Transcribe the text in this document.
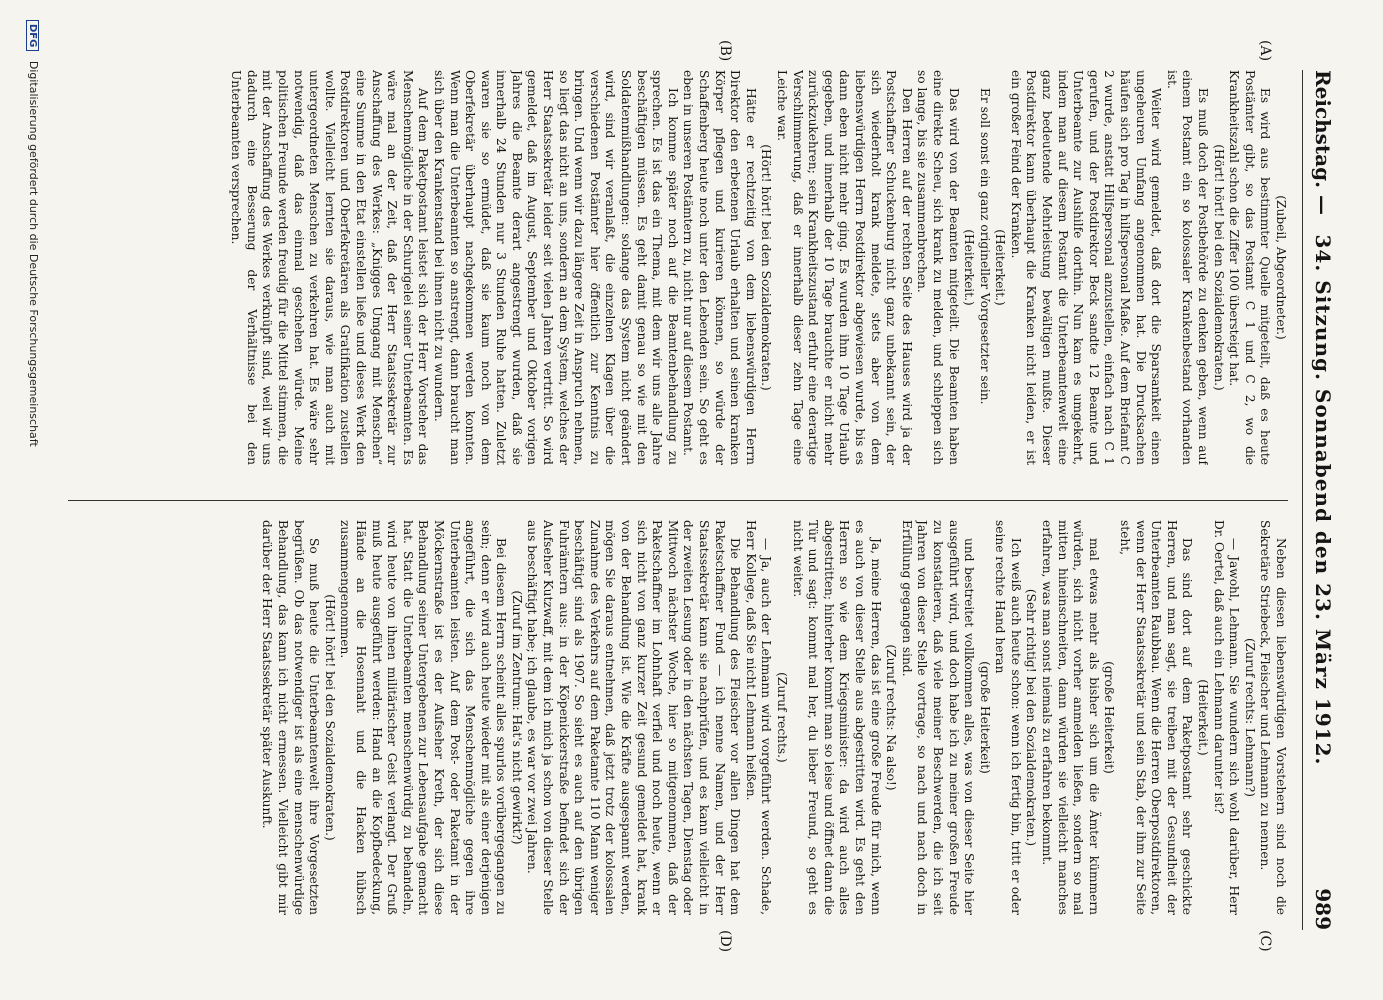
Reichstag. —
34. Sitzung. Sonnabend den 23. März 1912.
989
(A)
(B)
(C)
(D)

(Zubeil, Abgeordneter.)

Es wird aus bestimmter Quelle mitgeteilt, daß es heute Postämter gibt, so das Postamt C 1 und C 2, wo die Krankheitszahl schon die Ziffer 100 übersteigt hat.

(Hört! hört! bei den Sozialdemokraten.)

Es muß doch der Postbehörde zu denken geben, wenn auf einem Postamt ein so kolossaler Krankenbestand vorhanden ist.

Weiter wird gemeldet, daß dort die Sparsamkeit einen ungeheuren Umfang angenommen hat. Die Drucksachen häufen sich pro Tag in hilfspersonal Maße. Auf dem Briefamt C 2 wurde, anstatt Hilfspersonal anzustellen, einfach nach C 1 gerufen, und der Postdirektor Beck sandte 12 Beamte und Unterbeamte zur Aushilfe dorthin. Nun kam es umgekehrt, indem man auf diesem Postamt die Unterbeamtenwelt eine ganz bedeutende Mehrleistung bewältigen mußte. Dieser Postdirektor kann überhaupt die Kranken nicht leiden, er ist ein großer Feind der Kranken.

(Heiterkeit.)

Er soll sonst ein ganz origineller Vorgesetzter sein.

(Heiterkeit.)

Das wird von der Beamten mitgeteilt. Die Beamten haben eine direkte Scheu, sich krank zu melden, und schleppen sich so lange, bis sie zusammenbrechen.

Den Herren auf der rechten Seite des Hauses wird ja der Postschaffner Schuckenburg nicht ganz unbekannt sein, der sich wiederholt krank meldete, stets aber von dem liebenswürdigen Herrn Postdirektor abgewiesen wurde, bis es dann eben nicht mehr ging. Es wurden ihm 10 Tage Urlaub gegeben, und innerhalb der 10 Tage brauchte er nicht mehr zurückzukehren; sein Krankheitszustand erfuhr eine derartige Verschlimmerung, daß er innerhalb dieser zehn Tage eine Leiche war.

(Hört! hört! bei den Sozialdemokraten.)

Hätte er rechtzeitig von dem liebenswürdigen Herrn Direktor den erbetenen Urlaub erhalten und seinen kranken Körper pflegen und kurieren können, so würde der Schaffenberg heute noch unter den Lebenden sein. So geht es eben in unseren Postämtern zu, nicht nur auf diesem Postamt.

Ich komme später noch auf die Beamtenbehandlung zu sprechen. Es ist das ein Thema, mit dem wir uns alle Jahre beschäftigen müssen. Es geht damit genau so wie mit den Soldatenmißhandlungen: solange das System nicht geändert wird, sind wir veranlaßt, die einzelnen Klagen über die verschiedenen Postämter hier öffentlich zur Kenntnis zu bringen. Und wenn wir dazu längere Zeit in Anspruch nehmen, so liegt das nicht an uns, sondern an dem System, welches der Herr Staatssekretär leider seit vielen Jahren vertritt. So wird gemeldet, daß im August, September und Oktober vorigen Jahres die Beamte derart angestrengt wurden, daß sie innerhalb 24 Stunden nur 3 Stunden Ruhe hatten. Zuletzt waren sie so ermüdet, daß sie kaum noch von dem Oberfekretär überhaupt nachgekommen werden konnten. Wenn man die Unterbeamten so anstrengt, dann braucht man sich über den Krankenstand bei ihnen nicht zu wundern.

Auf dem Paketpostamt leistet sich der Herr Vorsteher das Menschenmögliche in der Schurigelei seiner Unterbeamten. Es wäre mal an der Zeit, daß der Herr Staatssekretär zur Anschaffung des Werkes: „Knigges Umgang mit Menschen“ eine Summe in den Etat einstellen ließe und dieses Werk den Postdirektoren und Oberfekretären als Gratifikation zustellen wollte. Vielleicht lernten sie daraus, wie man auch mit untergeordneten Menschen zu verkehren hat. Es wäre sehr notwendig, daß das einmal geschehen würde. Meine politischen Freunde werden freudig für die Mittel stimmen, die mit der Anschaffung des Werkes verknüpft sind, weil wir uns dadurch eine Besserung der Verhältnisse bei den Unterbeamten versprechen.

Neben diesen liebenswürdigen Vorstehern sind noch die Sekretäre Striebeck, Fleischer und Lehmann zu nennen.

(Zuruf rechts: Lehmann?)

— Jawohl, Lehmann. Sie wundern sich wohl darüber, Herr Dr. Oertel, daß auch ein Lehmann darunter ist?

(Heiterkeit.)

Das sind dort auf dem Paketpostamt sehr geschickte Herren, und man sagt, sie treiben mit der Gesundheit der Unterbeamten Raubbau. Wenn die Herren Oberpostdirektoren, wenn der Herr Staatssekretär und sein Stab, der ihm zur Seite steht,

(große Heiterkeit)

mal etwas mehr als bisher sich um die Ämter kümmern würden, sich nicht vorher anmelden ließen, sondern so mal mitten hineinschneiten, dann würden sie vielleicht manches erfahren, was man sonst niemals zu erfahren bekommt.

(Sehr richtig! bei den Sozialdemokraten.)

Ich weiß auch heute schon: wenn ich fertig bin, tritt er oder seine rechte Hand heran

(große Heiterkeit)

und bestreitet vollkommen alles, was von dieser Seite hier ausgeführt wird, und doch habe ich zu meiner großen Freude zu konstatieren, daß viele meiner Beschwerden, die ich seit Jahren von dieser Stelle vortrage, so nach und nach doch in Erfüllung gegangen sind.

(Zuruf rechts: Na also!)

Ja, meine Herren, das ist eine große Freude für mich, wenn es auch von dieser Stelle aus abgestritten wird. Es geht den Herren so wie dem Kriegsminister: da wird auch alles abgestritten; hinterher kommt man so leise und öffnet dann die Tür und sagt: kommt mal her, du lieber Freund, so geht es nicht weiter.

(Zuruf rechts.)

— Ja, auch der Lehmann wird vorgeführt werden. Schade, Herr Kollege, daß Sie nicht Lehmann heißen.

Die Behandlung des Fleischer vor allen Dingen hat dem Paketschaffner Fund — ich nenne Namen, und der Herr Staatssekretär kann sie nachprüfen, und es kann vielleicht in der zweiten Lesung oder in den nächsten Tagen, Dienstag oder Mittwoch nächster Woche, hier so mitgenommen, daß der Paketschaffner im Lohnhaft verfiel und noch heute, wenn er sich nicht von ganz kurzer Zeit gesund gemeldet hat, krank von der Behandlung ist. Wie die Kräfte ausgespannt werden, mögen Sie daraus entnehmen, daß jetzt trotz der kolossalen Zunahme des Verkehrs auf dem Paketamte 110 Mann weniger beschäftigt sind als 1907. So sieht es auch auf den übrigen Fuhrämtern aus: in der Köpenickerstraße befindet sich der Aufseher Kutzwaff, mit dem ich mich ja schon von dieser Stelle aus beschäftigt habe; ich glaube, es war vor zwei Jahren.

(Zuruf im Zentrum: Hat's nicht gewirkt?)

Bei diesem Herrn scheint alles spurlos vorübergegangen zu sein; denn er wird auch heute wieder mit als einer derjenigen angeführt, die sich das Menschenmögliche gegen ihre Unterbeamten leisten. Auf dem Post- oder Paketamt in der Möckernstraße ist es der Aufseher Kreth, der sich diese Behandlung seiner Untergebenen zur Lebensaufgabe gemacht hat. Statt die Unterbeamten menschenwürdig zu behandeln, wird heute von ihnen militärischer Geist verlangt. Der Gruß muß heute ausgeführt werden: Hand an die Kopfbedeckung, Hände an die Hosennaht und die Hacken hübsch zusammengenommen.

(Hört! hört! bei den Sozialdemokraten.)

So muß heute die Unterbeamtenwelt ihre Vorgesetzten begrüßen. Ob das notwendiger ist als eine menschenwürdige Behandlung, das kann ich nicht ermessen. Vielleicht gibt mir darüber der Herr Staatssekretär später Auskunft.

DFG Digitalisierung gefördert durch die Deutsche Forschungsgemeinschaft
